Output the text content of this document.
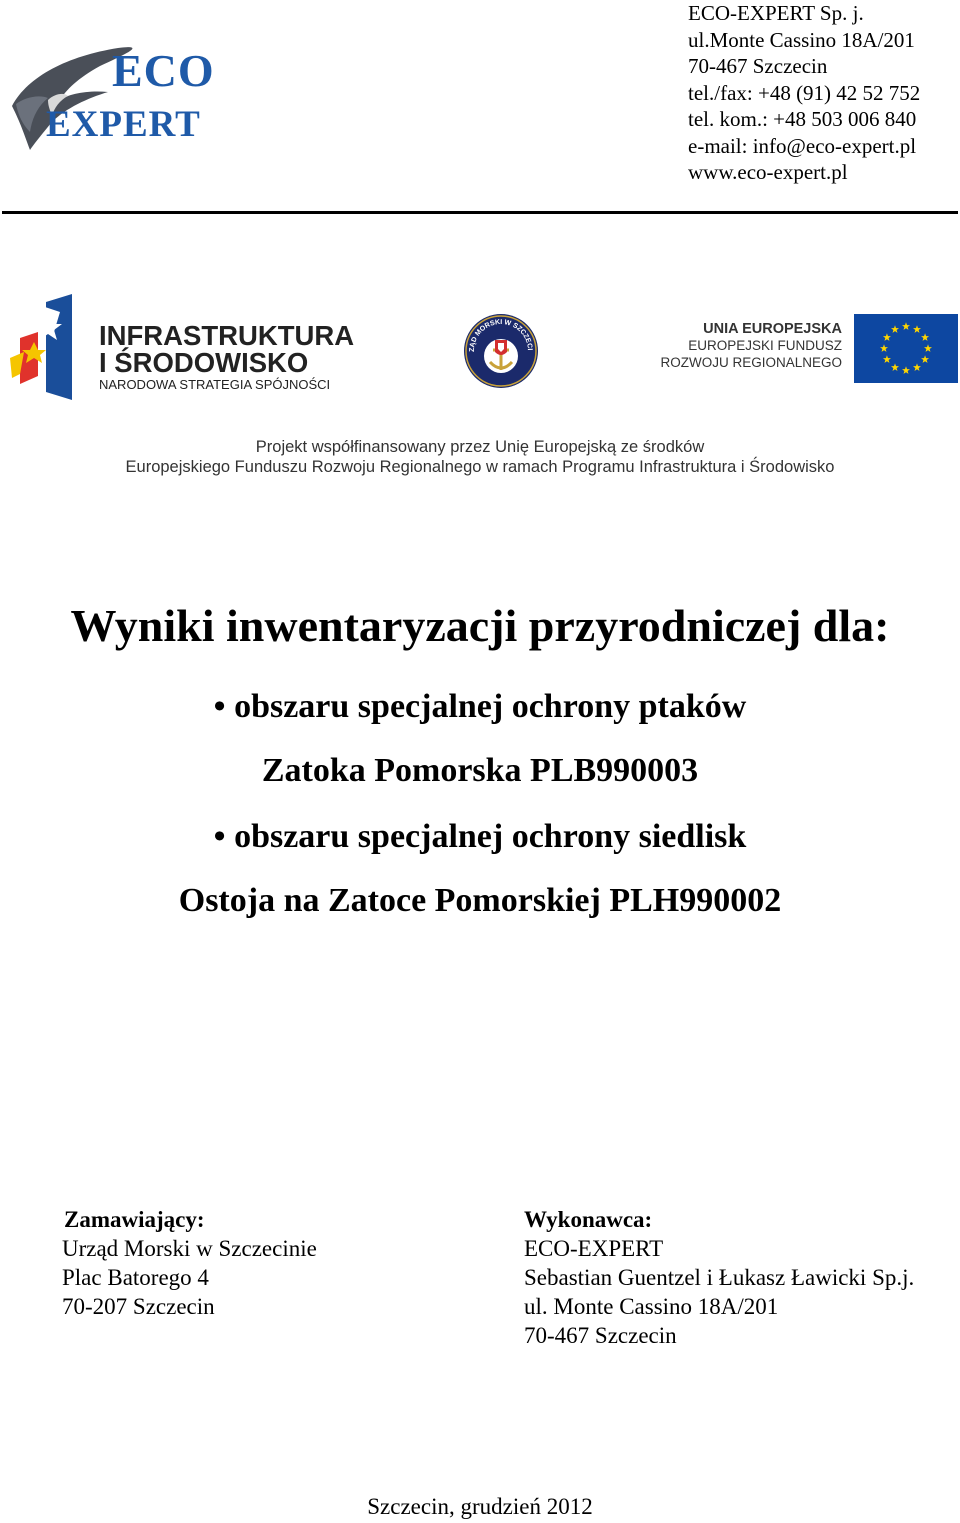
ECO
EXPERT
ECO-EXPERT Sp. j.
ul.Monte Cassino 18A/201
70-467 Szczecin
tel./fax: +48 (91) 42 52 752
tel. kom.: +48 503 006 840
e-mail: info@eco-expert.pl
www.eco-expert.pl
INFRASTRUKTURA
I ŚRODOWISKO
NARODOWA STRATEGIA SPÓJNOŚCI
ZĄD MORSKI W SZCZECI
UNIA EUROPEJSKA
EUROPEJSKI FUNDUSZ
ROZWOJU REGIONALNEGO
Projekt współfinansowany przez Unię Europejską ze środków
Europejskiego Funduszu Rozwoju Regionalnego w ramach Programu Infrastruktura i Środowisko
Wyniki inwentaryzacji przyrodniczej dla:
• obszaru specjalnej ochrony ptaków
Zatoka Pomorska PLB990003
• obszaru specjalnej ochrony siedlisk
Ostoja na Zatoce Pomorskiej PLH990002
Zamawiający:
Urząd Morski w Szczecinie
Plac Batorego 4
70-207 Szczecin
Wykonawca:
ECO-EXPERT
Sebastian Guentzel i Łukasz Ławicki Sp.j.
ul. Monte Cassino 18A/201
70-467 Szczecin
Szczecin, grudzień 2012
